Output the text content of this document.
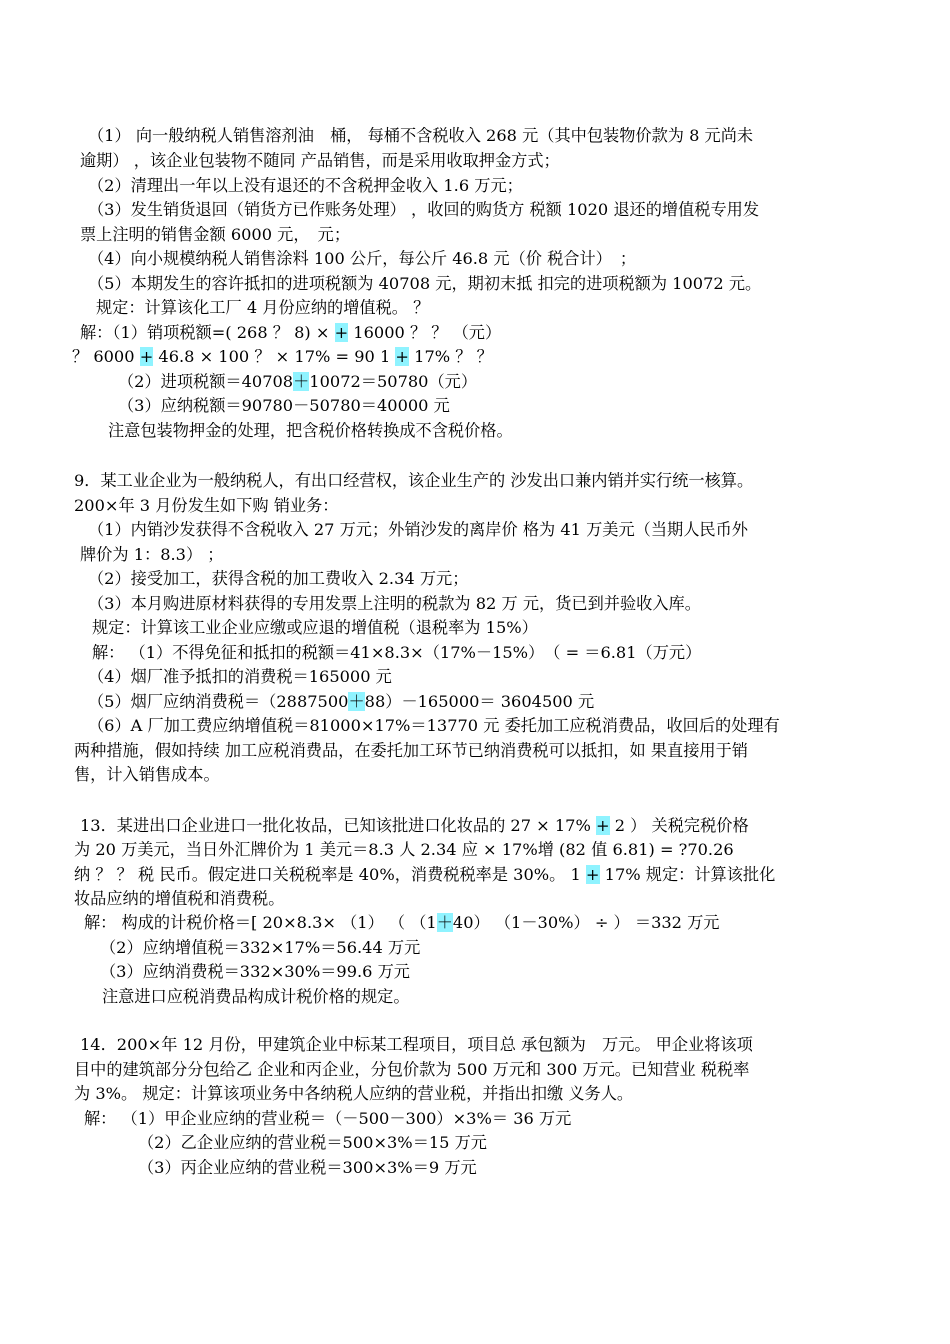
（1） 向一般纳税人销售溶剂油　桶， 每桶不含税收入 268 元（其中包装物价款为 8 元尚未
逾期） ，该企业包装物不随同 产品销售，而是采用收取押金方式；
（2）清理出一年以上没有退还的不含税押金收入 1.6 万元；
（3）发生销货退回（销货方已作账务处理） ，收回的购货方 税额 1020 退还的增值税专用发
票上注明的销售金额 6000 元，　元；
（4）向小规模纳税人销售涂料 100 公斤，每公斤 46.8 元（价 税合计）　；
（5）本期发生的容许抵扣的进项税额为 40708 元，期初末抵 扣完的进项税额为 10072 元。
规定：计算该化工厂 4 月份应纳的增值税。 ？
解：（1）销项税额=( 268 ？ 8) × + 16000 ？ ？ （元）
？ 6000 + 46.8 × 100 ？ × 17% = 90 1 + 17% ？ ？
（2）进项税额＝40708＋10072＝50780（元）
（3）应纳税额＝90780－50780＝40000 元
注意包装物押金的处理，把含税价格转换成不含税价格。
9．某工业企业为一般纳税人，有出口经营权，该企业生产的 沙发出口兼内销并实行统一核算。
200×年 3 月份发生如下购 销业务：
（1）内销沙发获得不含税收入 27 万元；外销沙发的离岸价 格为 41 万美元（当期人民币外
牌价为 1：8.3） ；
（2）接受加工，获得含税的加工费收入 2.34 万元；
（3）本月购进原材料获得的专用发票上注明的税款为 82 万 元，货已到并验收入库。
规定：计算该工业企业应缴或应退的增值税（退税率为 15%）
解： （1）不得免征和抵扣的税额＝41×8.3×（17%－15%）　（ = ＝6.81（万元）
（4）烟厂准予抵扣的消费税＝165000 元
（5）烟厂应纳消费税＝（2887500＋88）－165000＝ 3604500 元
（6）A 厂加工费应纳增值税＝81000×17%＝13770 元 委托加工应税消费品，收回后的处理有
两种措施，假如持续 加工应税消费品，在委托加工环节已纳消费税可以抵扣，如 果直接用于销
售，计入销售成本。
13．某进出口企业进口一批化妆品，已知该批进口化妆品的 27 × 17% + 2 ） 关税完税价格
为 20 万美元，当日外汇牌价为 1 美元＝8.3 人 2.34 应 × 17%增 (82 值 6.81) = ?70.26
纳 ？ ？ 税 民币。假定进口关税税率是 40%，消费税税率是 30%。 1 + 17% 规定：计算该批化
妆品应纳的增值税和消费税。
解： 构成的计税价格＝[ 20×8.3× （1） （ （1＋40） （1－30%） ÷ ） ＝332 万元
（2）应纳增值税＝332×17%＝56.44 万元
（3）应纳消费税＝332×30%＝99.6 万元
注意进口应税消费品构成计税价格的规定。
14．200×年 12 月份，甲建筑企业中标某工程项目，项目总 承包额为　万元。 甲企业将该项
目中的建筑部分分包给乙 企业和丙企业，分包价款为 500 万元和 300 万元。已知营业 税税率
为 3%。 规定：计算该项业务中各纳税人应纳的营业税，并指出扣缴 义务人。
解： （1）甲企业应纳的营业税＝（－500－300）×3%＝ 36 万元
（2）乙企业应纳的营业税＝500×3%＝15 万元
（3）丙企业应纳的营业税＝300×3%＝9 万元
